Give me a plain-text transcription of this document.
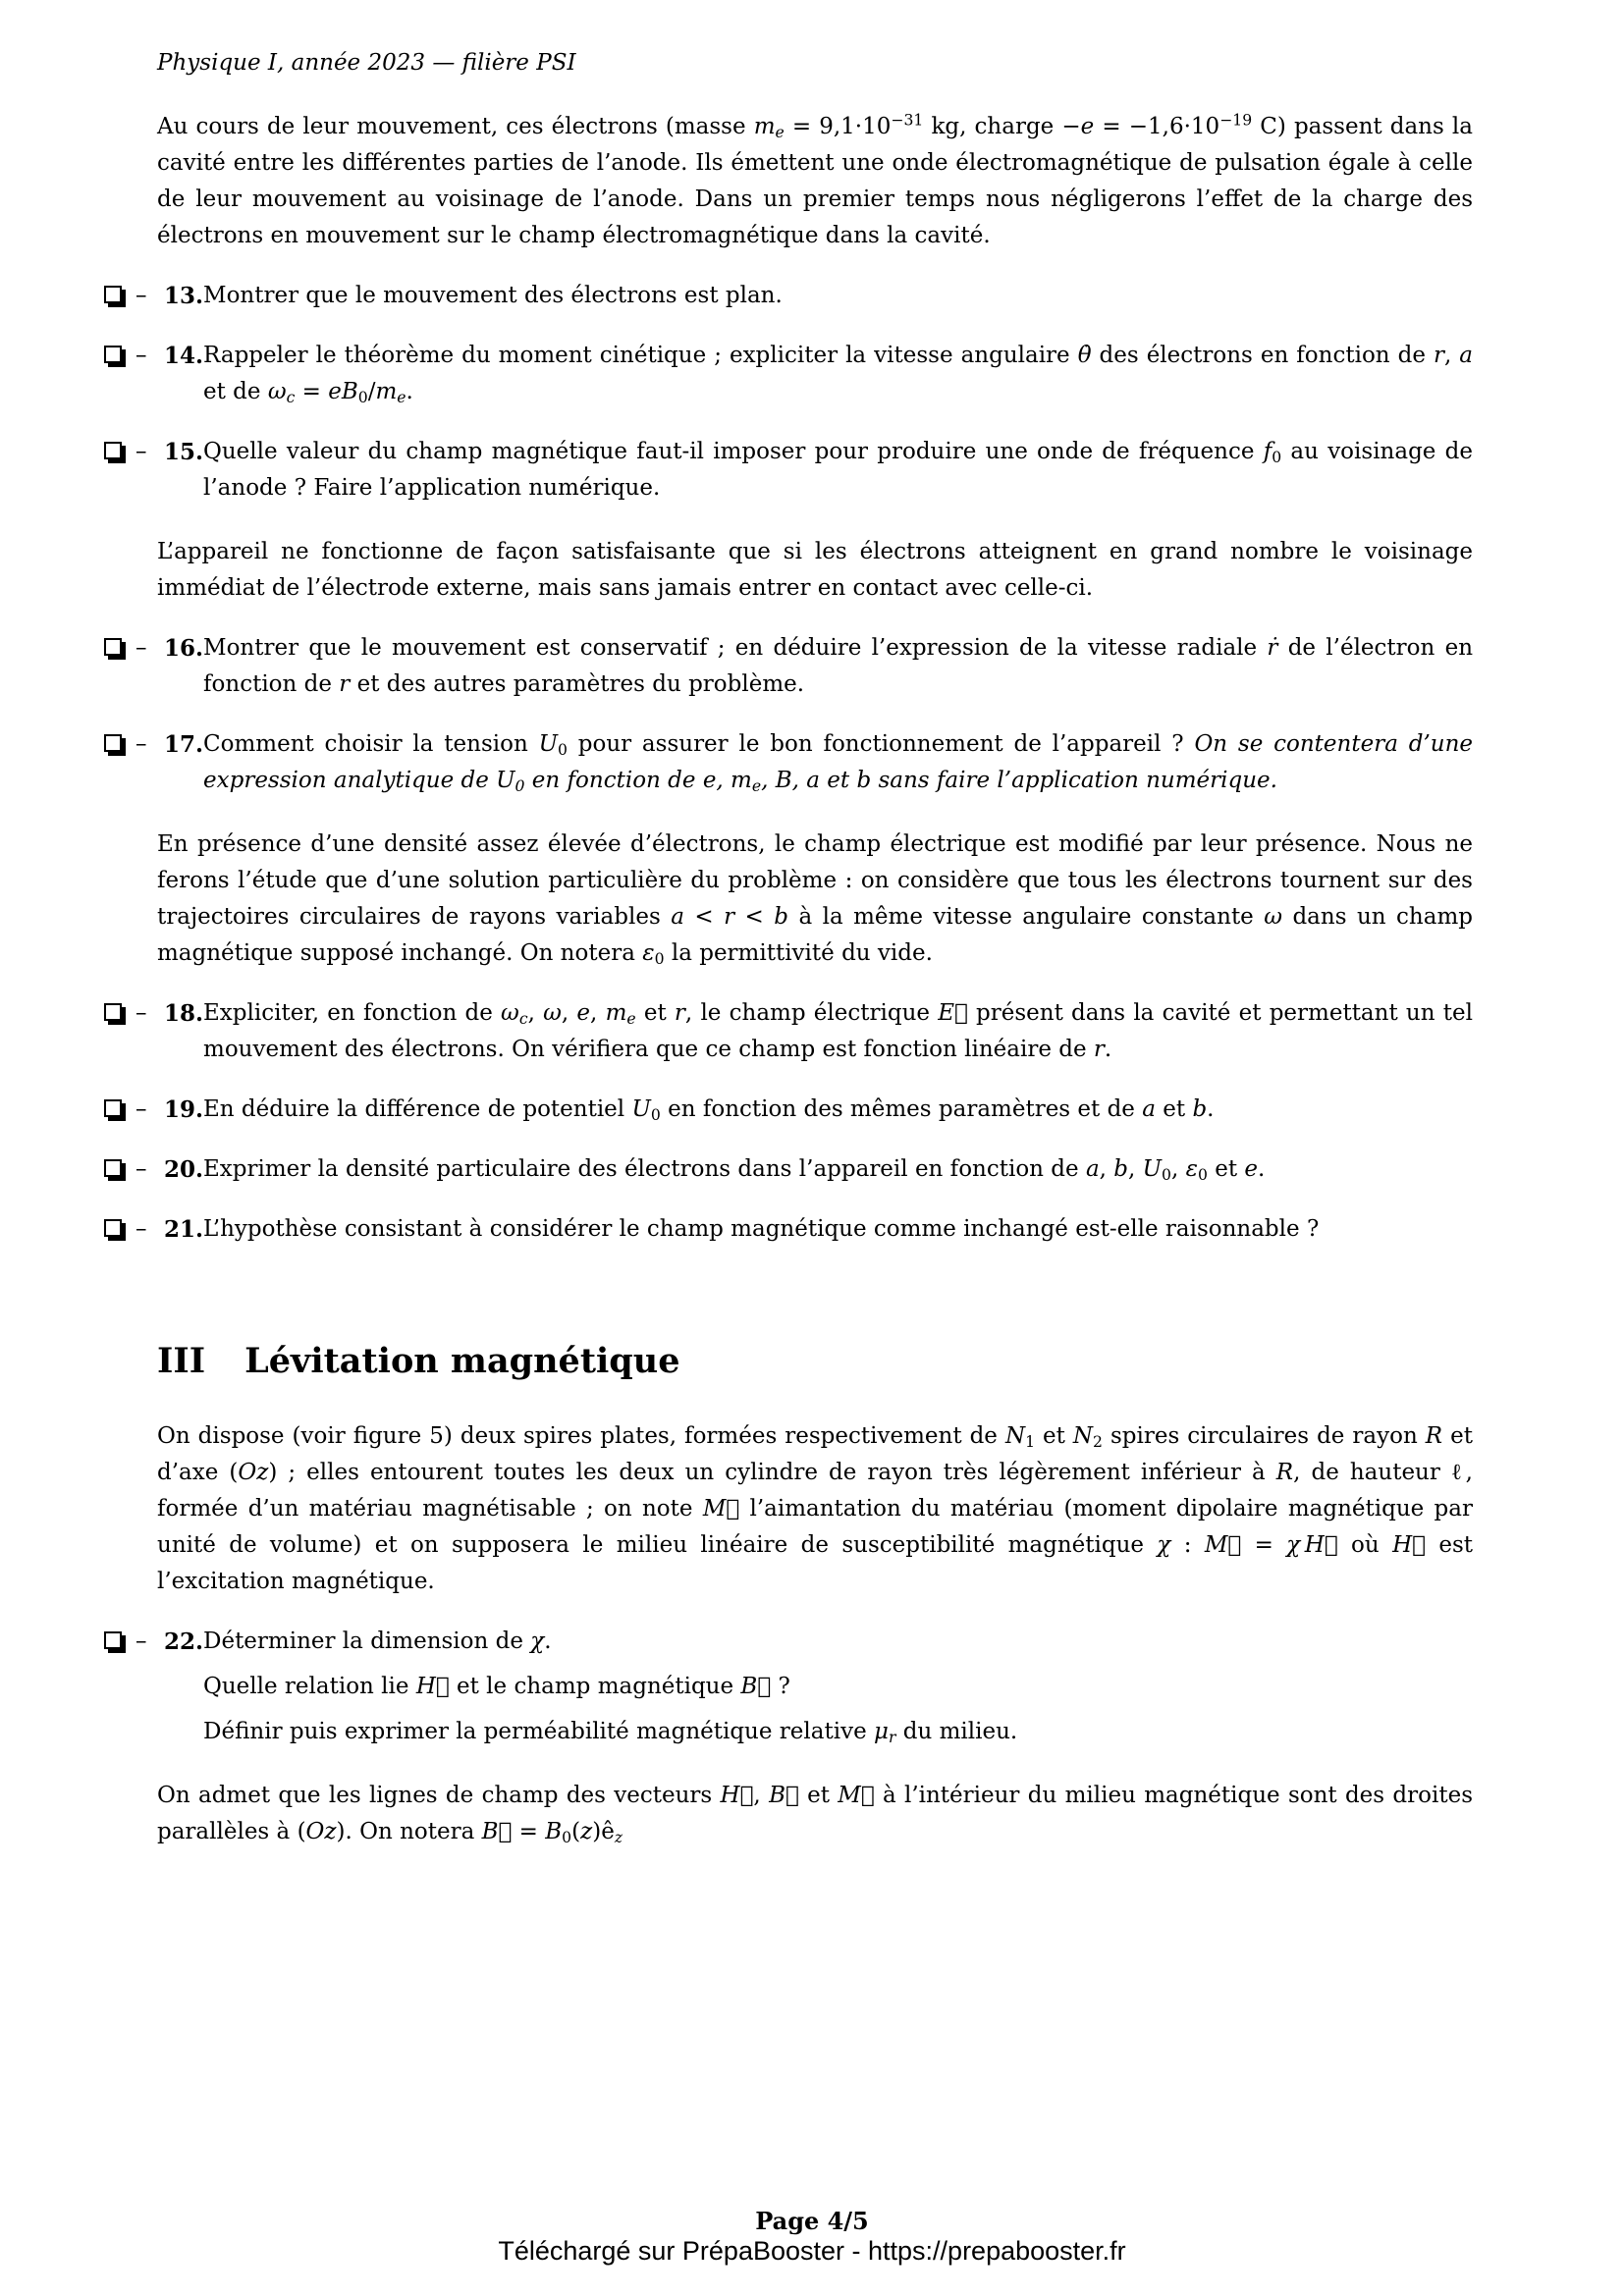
Physique I, année 2023 — filière PSI

Au cours de leur mouvement, ces électrons (masse $m_e = 9,1\cdot 10^{-31}$ kg, charge $-e = -1,6\cdot 10^{-19}$ C) passent dans la cavité entre les différentes parties de l’anode. Ils émettent une onde électromagnétique de pulsation égale à celle de leur mouvement au voisinage de l’anode. Dans un premier temps nous négligerons l’effet de la charge des électrons en mouvement sur le champ électromagnétique dans la cavité.

– 13. Montrer que le mouvement des électrons est plan.
– 14. Rappeler le théorème du moment cinétique ; expliciter la vitesse angulaire θ̇ des électrons en fonction de r, a et de $\omega_c = eB_0/m_e$.
– 15. Quelle valeur du champ magnétique faut-il imposer pour produire une onde de fréquence $f_0$ au voisinage de l’anode ? Faire l’application numérique.

L’appareil ne fonctionne de façon satisfaisante que si les électrons atteignent en grand nombre le voisinage immédiat de l’électrode externe, mais sans jamais entrer en contact avec celle-ci.

– 16. Montrer que le mouvement est conservatif ; en déduire l’expression de la vitesse radiale ṙ de l’électron en fonction de r et des autres paramètres du problème.
– 17. Comment choisir la tension $U_0$ pour assurer le bon fonctionnement de l’appareil ? On se contentera d’une expression analytique de $U_0$ en fonction de e, $m_e$, B, a et b sans faire l’application numérique.

En présence d’une densité assez élevée d’électrons, le champ électrique est modifié par leur présence. Nous ne ferons l’étude que d’une solution particulière du problème : on considère que tous les électrons tournent sur des trajectoires circulaires de rayons variables a < r < b à la même vitesse angulaire constante ω dans un champ magnétique supposé inchangé. On notera $\varepsilon_0$ la permittivité du vide.

– 18. Expliciter, en fonction de $\omega_c$, ω, e, $m_e$ et r, le champ électrique E⃗ présent dans la cavité et permettant un tel mouvement des électrons. On vérifiera que ce champ est fonction linéaire de r.
– 19. En déduire la différence de potentiel $U_0$ en fonction des mêmes paramètres et de a et b.
– 20. Exprimer la densité particulaire des électrons dans l’appareil en fonction de a, b, $U_0$, $\varepsilon_0$ et e.
– 21. L’hypothèse consistant à considérer le champ magnétique comme inchangé est-elle raisonnable ?
III Lévitation magnétique

On dispose (voir figure 5) deux spires plates, formées respectivement de $N_1$ et $N_2$ spires circulaires de rayon R et d’axe (Oz) ; elles entourent toutes les deux un cylindre de rayon très légèrement inférieur à R, de hauteur ℓ, formée d’un matériau magnétisable ; on note M⃗ l’aimantation du matériau (moment dipolaire magnétique par unité de volume) et on supposera le milieu linéaire de susceptibilité magnétique χ : M⃗ = χ  H⃗ où H⃗ est l’excitation magnétique.

– 22. Déterminer la dimension de χ.
Quelle relation lie H⃗ et le champ magnétique B⃗ ?
Définir puis exprimer la perméabilité magnétique relative $\mu_r$ du milieu.

On admet que les lignes de champ des vecteurs H⃗, B⃗ et M⃗ à l’intérieur du milieu magnétique sont des droites parallèles à (Oz). On notera B⃗ = $B_0(z)ê_z$

Page 4/5
Téléchargé sur PrépaBooster - https://prepabooster.fr
